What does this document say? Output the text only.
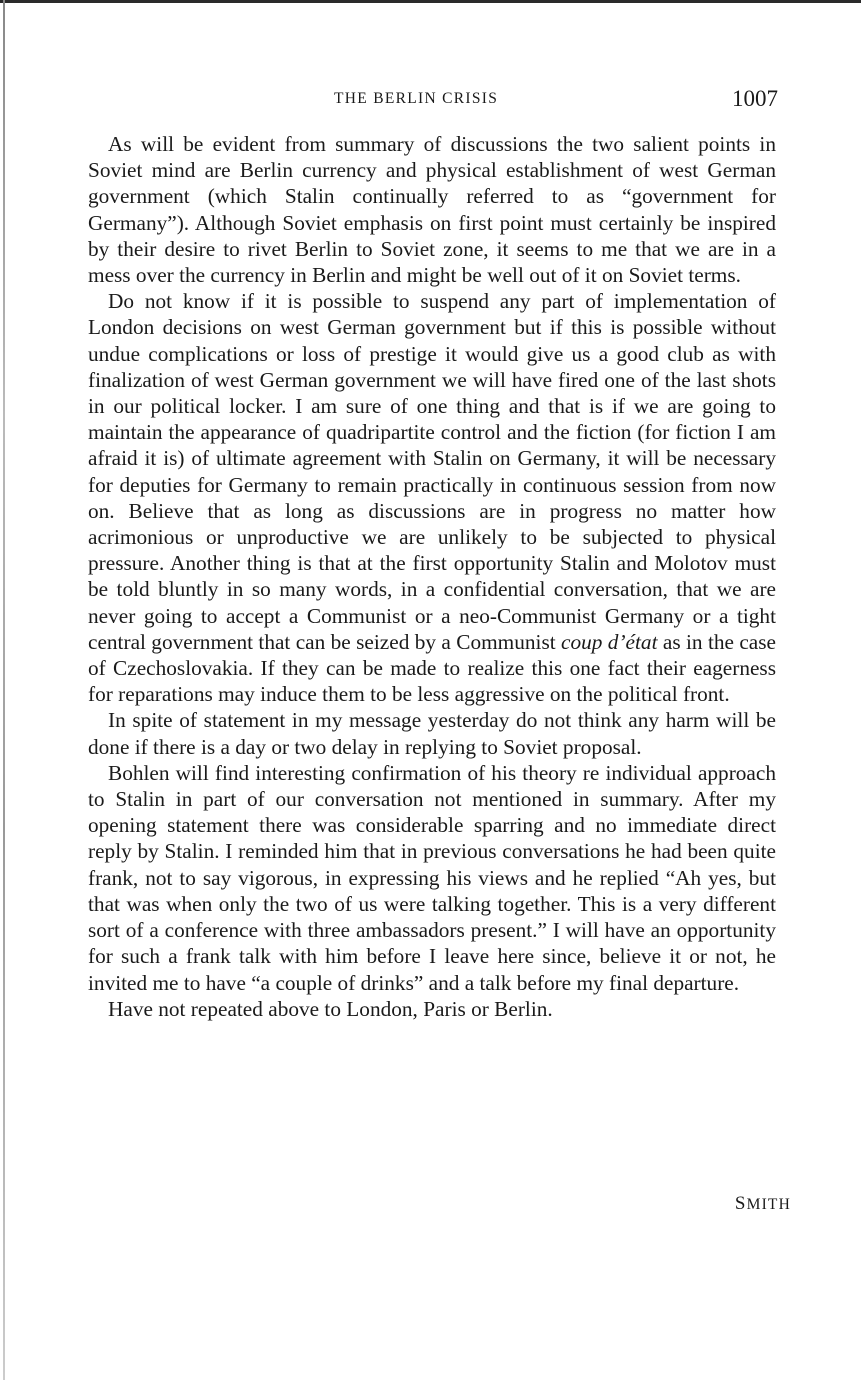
THE BERLIN CRISIS	1007

As will be evident from summary of discussions the two salient points in Soviet mind are Berlin currency and physical establishment of west German government (which Stalin continually referred to as “government for Germany”). Although Soviet emphasis on first point must certainly be inspired by their desire to rivet Berlin to Soviet zone, it seems to me that we are in a mess over the currency in Berlin and might be well out of it on Soviet terms.

Do not know if it is possible to suspend any part of implementation of London decisions on west German government but if this is possible without undue complications or loss of prestige it would give us a good club as with finalization of west German government we will have fired one of the last shots in our political locker. I am sure of one thing and that is if we are going to maintain the appearance of quadripartite control and the fiction (for fiction I am afraid it is) of ultimate agreement with Stalin on Germany, it will be necessary for deputies for Germany to remain practically in continuous session from now on. Believe that as long as discussions are in progress no matter how acrimonious or unproductive we are unlikely to be subjected to physical pressure. Another thing is that at the first opportunity Stalin and Molotov must be told bluntly in so many words, in a confidential conversation, that we are never going to accept a Communist or a neo-Communist Germany or a tight central government that can be seized by a Communist coup d’état as in the case of Czechoslovakia. If they can be made to realize this one fact their eagerness for reparations may induce them to be less aggressive on the political front.

In spite of statement in my message yesterday do not think any harm will be done if there is a day or two delay in replying to Soviet proposal.

Bohlen will find interesting confirmation of his theory re individual approach to Stalin in part of our conversation not mentioned in summary. After my opening statement there was considerable sparring and no immediate direct reply by Stalin. I reminded him that in previous conversations he had been quite frank, not to say vigorous, in expressing his views and he replied “Ah yes, but that was when only the two of us were talking together. This is a very different sort of a conference with three ambassadors present.” I will have an opportunity for such a frank talk with him before I leave here since, believe it or not, he invited me to have “a couple of drinks” and a talk before my final departure.

Have not repeated above to London, Paris or Berlin.

SMITH
